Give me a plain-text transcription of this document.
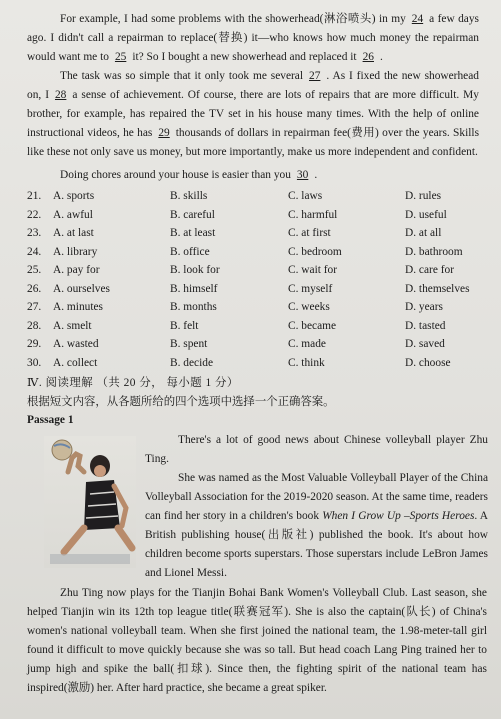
For example, I had some problems with the showerhead(淋浴喷头) in my 24 a few days ago. I didn't call a repairman to replace(替换) it—who knows how much money the repairman would want me to 25 it? So I bought a new showerhead and replaced it 26 .
The task was so simple that it only took me several 27 . As I fixed the new showerhead on, I 28 a sense of achievement. Of course, there are lots of repairs that are more difficult. My brother, for example, has repaired the TV set in his house many times. With the help of online instructional videos, he has 29 thousands of dollars in repairman fee(费用) over the years. Skills like these not only save us money, but more importantly, make us more independent and confident.
Doing chores around your house is easier than you 30 .
21. A. sports	B. skills	C. laws	D. rules
22. A. awful	B. careful	C. harmful	D. useful
23. A. at last	B. at least	C. at first	D. at all
24. A. library	B. office	C. bedroom	D. bathroom
25. A. pay for	B. look for	C. wait for	D. care for
26. A. ourselves	B. himself	C. myself	D. themselves
27. A. minutes	B. months	C. weeks	D. years
28. A. smelt	B. felt	C. became	D. tasted
29. A. wasted	B. spent	C. made	D. saved
30. A. collect	B. decide	C. think	D. choose
Ⅳ. 阅读理解 （共 20 分， 每小题 1 分）
根据短文内容，从各题所给的四个选项中选择一个正确答案。
Passage 1
There's a lot of good news about Chinese volleyball player Zhu Ting.
She was named as the Most Valuable Volleyball Player of the China Volleyball Association for the 2019-2020 season. At the same time, readers can find her story in a children's book When I Grow Up –Sports Heroes. A British publishing house(出版社) published the book. It's about how children become sports superstars. Those superstars include LeBron James and Lionel Messi.
Zhu Ting now plays for the Tianjin Bohai Bank Women's Volleyball Club. Last season, she helped Tianjin win its 12th top league title(联赛冠军). She is also the captain(队长) of China's women's national volleyball team. When she first joined the national team, the 1.98-meter-tall girl found it difficult to move quickly because she was so tall. But head coach Lang Ping trained her to jump high and spike the ball(扣球). Since then, the fighting spirit of the national team has inspired(激励) her. After hard practice, she became a great spiker.
